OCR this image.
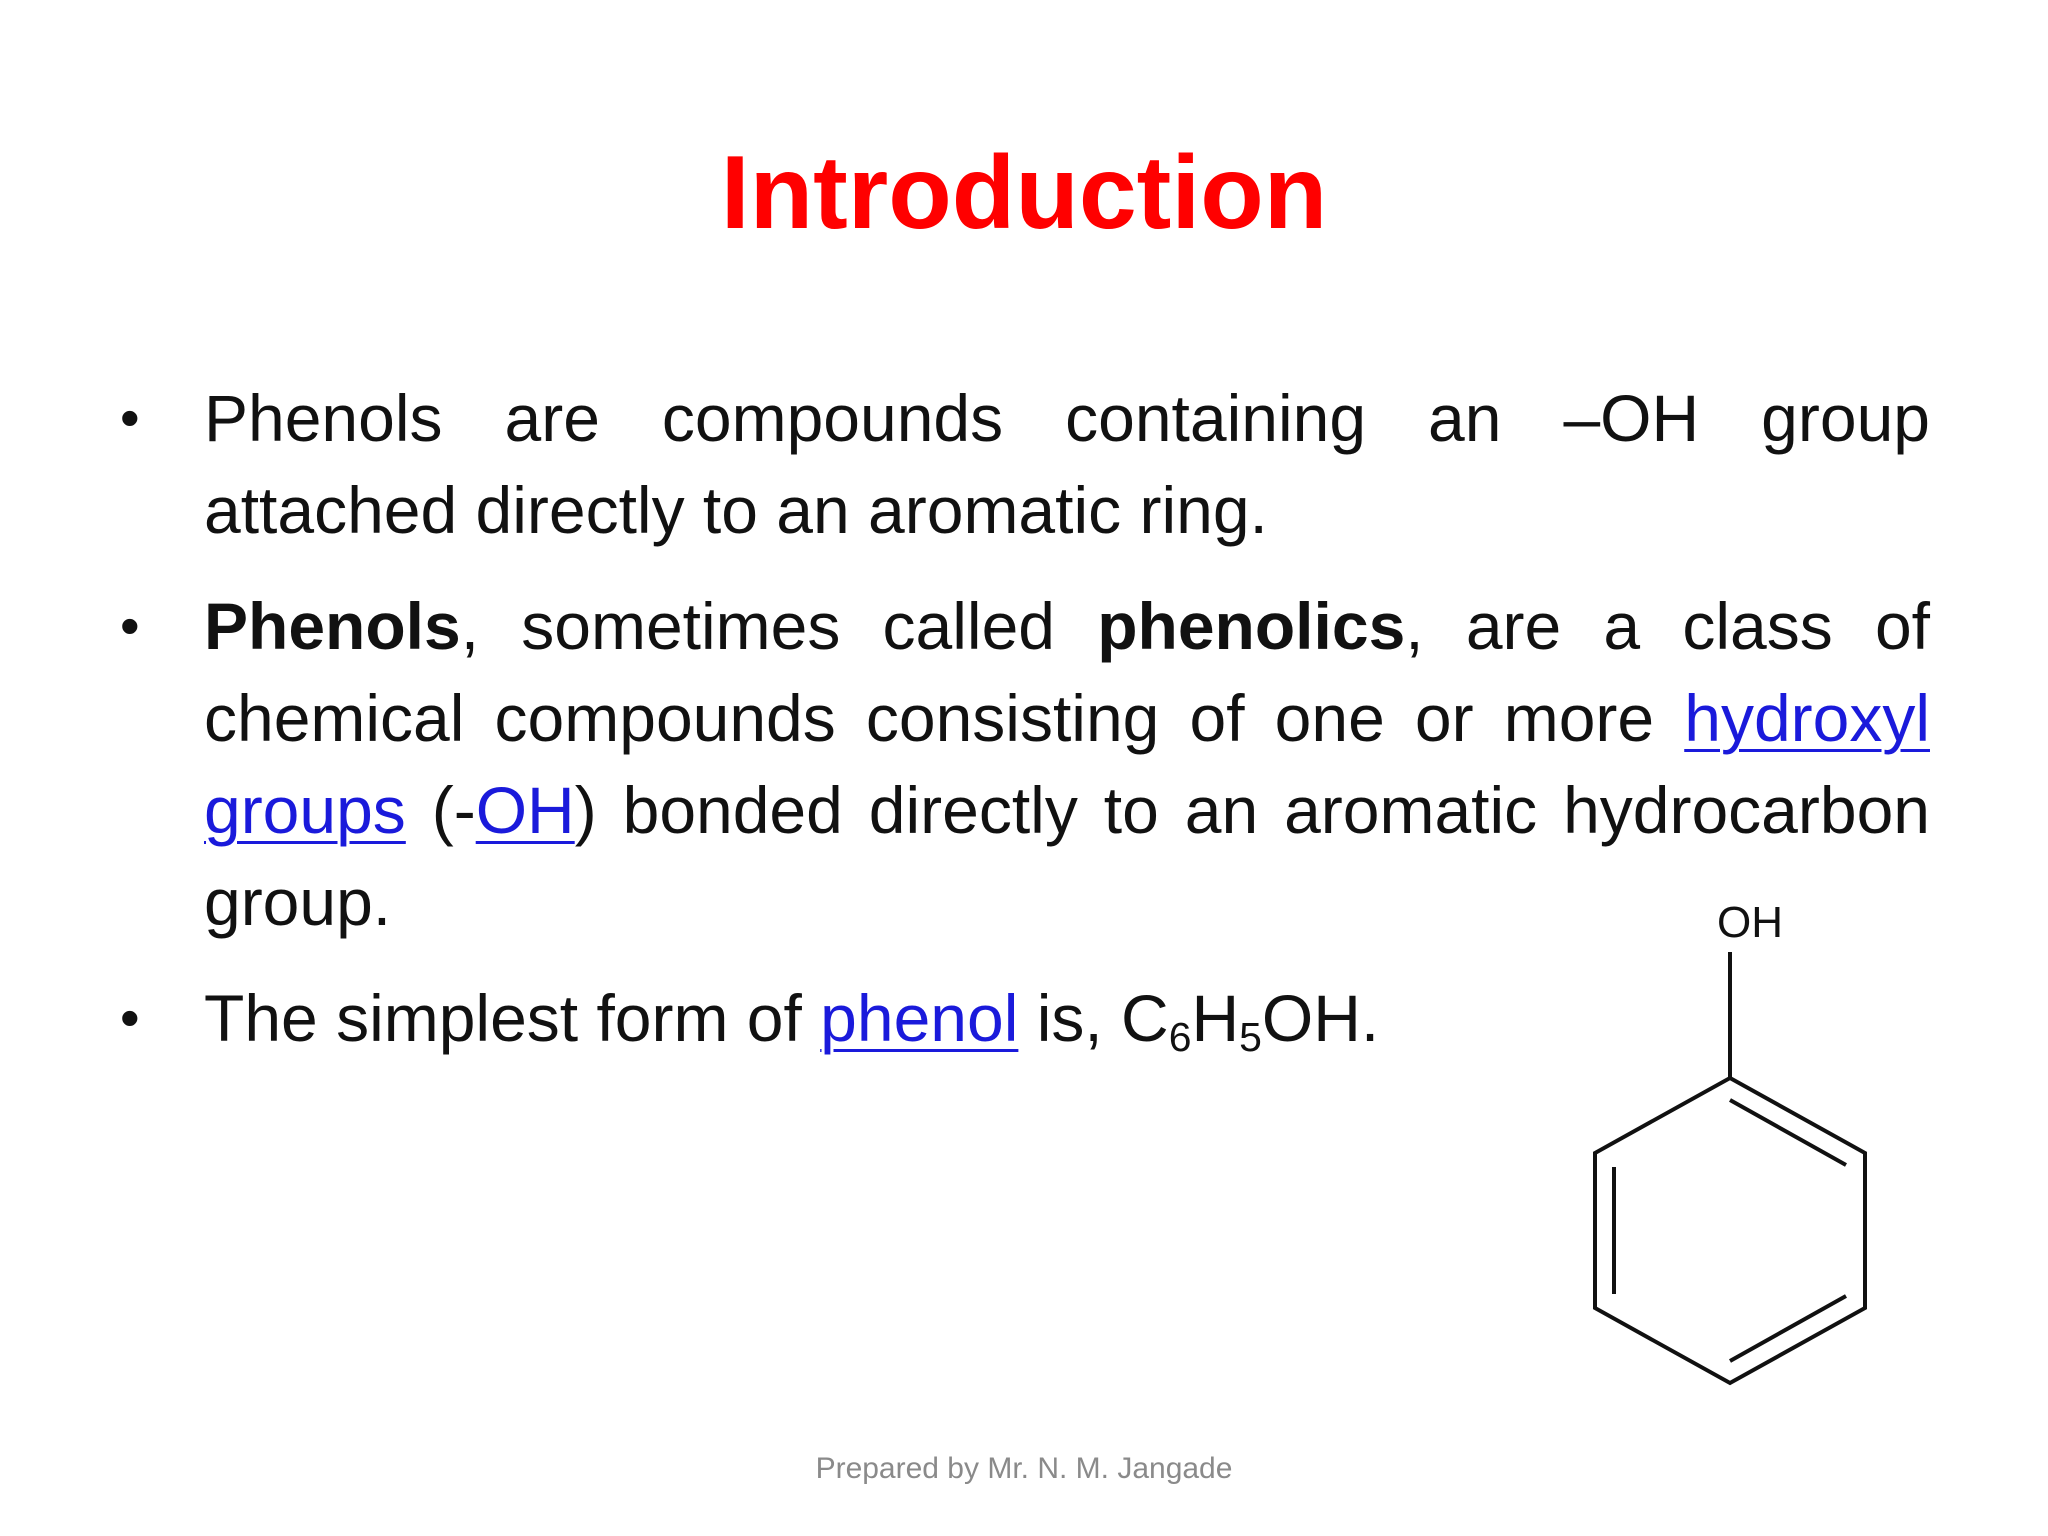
Introduction
• Phenols are compounds containing an –OH group attached directly to an aromatic ring.
• Phenols, sometimes called phenolics, are a class of chemical compounds consisting of one or more hydroxyl groups (-OH) bonded directly to an aromatic hydrocarbon group.
• The simplest form of phenol is, $C_6H_5OH$.
OH
Prepared by Mr. N. M. Jangade
